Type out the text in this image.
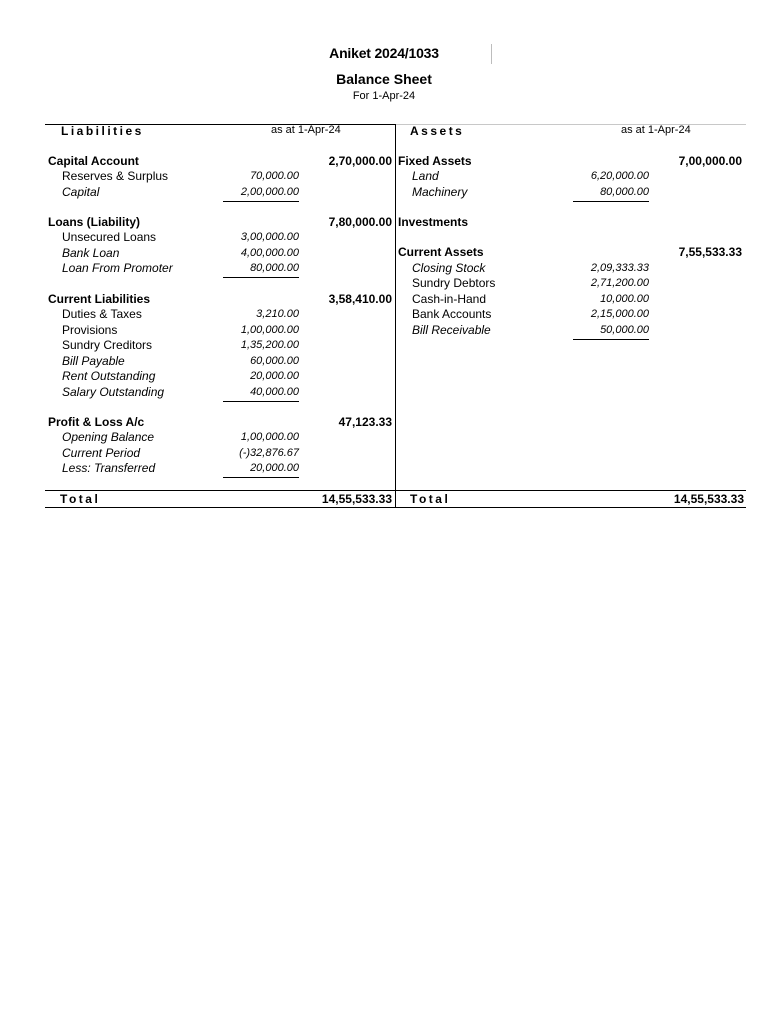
Aniket 2024/1033
Balance Sheet
For 1-Apr-24
Liabilities	as at 1-Apr-24	Assets	as at 1-Apr-24
Capital Account	2,70,000.00
Reserves & Surplus	70,000.00
Capital	2,00,000.00
Loans (Liability)	7,80,000.00
Unsecured Loans	3,00,000.00
Bank Loan	4,00,000.00
Loan From Promoter	80,000.00
Current Liabilities	3,58,410.00
Duties & Taxes	3,210.00
Provisions	1,00,000.00
Sundry Creditors	1,35,200.00
Bill Payable	60,000.00
Rent Outstanding	20,000.00
Salary Outstanding	40,000.00
Profit & Loss A/c	47,123.33
Opening Balance	1,00,000.00
Current Period	(-)32,876.67
Less: Transferred	20,000.00
Fixed Assets	7,00,000.00
Land	6,20,000.00
Machinery	80,000.00
Investments
Current Assets	7,55,533.33
Closing Stock	2,09,333.33
Sundry Debtors	2,71,200.00
Cash-in-Hand	10,000.00
Bank Accounts	2,15,000.00
Bill Receivable	50,000.00
Total	14,55,533.33 Total	14,55,533.33
